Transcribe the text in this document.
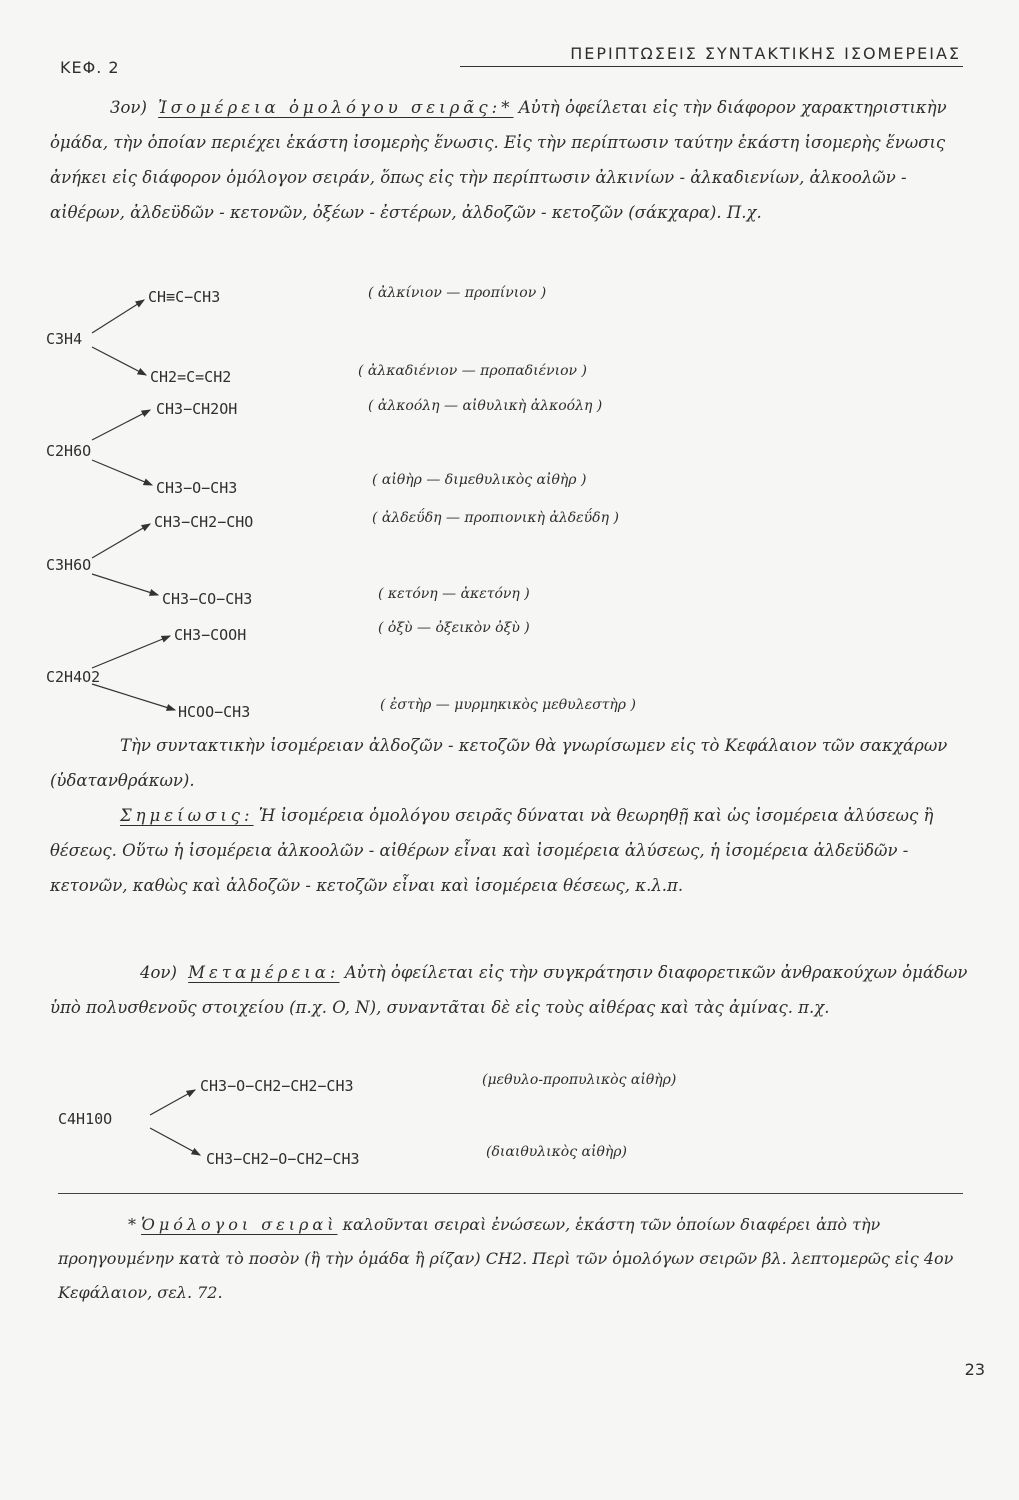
ΚΕΦ. 2
ΠΕΡΙΠΤΩΣΕΙΣ ΣΥΝΤΑΚΤΙΚΗΣ ΙΣΟΜΕΡΕΙΑΣ
3ον) Ἰσομέρεια ὁμολόγου σειρᾶς:* Αὐτὴ ὀφείλεται εἰς τὴν διάφορον χαρακτηριστικὴν ὁμάδα, τὴν ὁποίαν περιέχει ἑκάστη ἰσομερὴς ἕνωσις. Εἰς τὴν περίπτωσιν ταύτην ἑκάστη ἰσομερὴς ἕνωσις ἀνήκει εἰς διάφορον ὁμόλογον σειράν, ὅπως εἰς τὴν περίπτωσιν ἀλκινίων - ἀλκαδιενίων, ἀλκοολῶν - αἰθέρων, ἀλδεϋδῶν - κετονῶν, ὀξέων - ἐστέρων, ἀλδοζῶν - κετοζῶν (σάκχαρα). Π.χ.
C3H4
CH≡C−CH3	( ἀλκίνιον — προπίνιον )
CH2=C=CH2	( ἀλκαδιένιον — προπαδιένιον )
C2H6O
CH3−CH2OH	( ἀλκοόλη — αἰθυλικὴ ἀλκοόλη )
CH3−O−CH3	( αἰθὴρ — διμεθυλικὸς αἰθὴρ )
C3H6O
CH3−CH2−CHO	( ἀλδεΰδη — προπιονικὴ ἀλδεΰδη )
CH3−CO−CH3	( κετόνη — ἀκετόνη )
C2H4O2
CH3−COOH	( ὀξὺ — ὀξεικὸν ὀξὺ )
HCOO−CH3	( ἐστὴρ — μυρμηκικὸς μεθυλεστὴρ )
Τὴν συντακτικὴν ἰσομέρειαν ἀλδοζῶν - κετοζῶν θὰ γνωρίσωμεν εἰς τὸ Κεφάλαιον τῶν σακχάρων (ὑδατανθράκων).
Σημείωσις: Ἡ ἰσομέρεια ὁμολόγου σειρᾶς δύναται νὰ θεωρηθῇ καὶ ὡς ἰσομέρεια ἀλύσεως ἢ θέσεως. Οὕτω ἡ ἰσομέρεια ἀλκοολῶν - αἰθέρων εἶναι καὶ ἰσομέρεια ἀλύσεως, ἡ ἰσομέρεια ἀλδεϋδῶν - κετονῶν, καθὼς καὶ ἀλδοζῶν - κετοζῶν εἶναι καὶ ἰσομέρεια θέσεως, κ.λ.π.
4ον) Μεταμέρεια: Αὐτὴ ὀφείλεται εἰς τὴν συγκράτησιν διαφορετικῶν ἀνθρακούχων ὁμάδων ὑπὸ πολυσθενοῦς στοιχείου (π.χ. O, N), συναντᾶται δὲ εἰς τοὺς αἰθέρας καὶ τὰς ἀμίνας. π.χ.
C4H10O
CH3−O−CH2−CH2−CH3	(μεθυλο-προπυλικὸς αἰθὴρ)
CH3−CH2−O−CH2−CH3	(διαιθυλικὸς αἰθὴρ)
* Ὁμόλογοι σειραὶ καλοῦνται σειραὶ ἐνώσεων, ἑκάστη τῶν ὁποίων διαφέρει ἀπὸ τὴν προηγουμένην κατὰ τὸ ποσὸν (ἢ τὴν ὁμάδα ἢ ρίζαν) CH2. Περὶ τῶν ὁμολόγων σειρῶν βλ. λεπτομερῶς εἰς 4ον Κεφάλαιον, σελ. 72.
23
